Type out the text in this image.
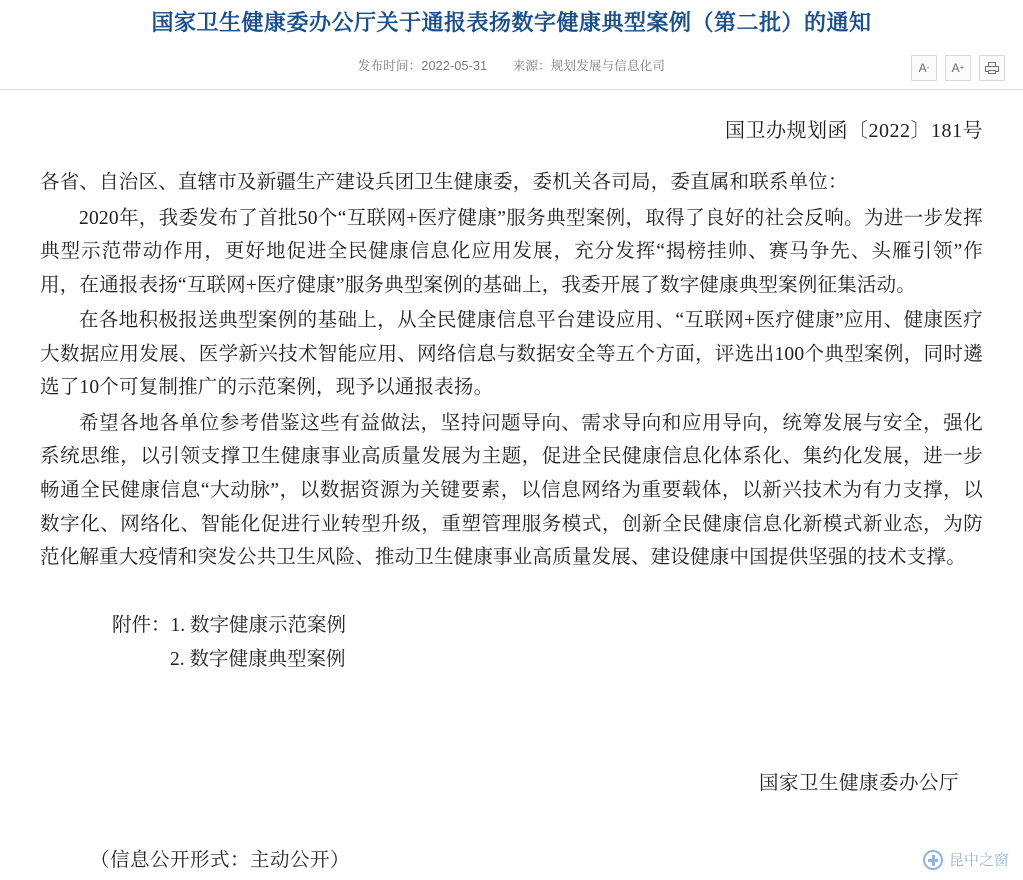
国家卫生健康委办公厅关于通报表扬数字健康典型案例（第二批）的通知
发布时间：2022-05-31 来源：规划发展与信息化司	A - A +
国卫办规划函〔2022〕181号

各省、自治区、直辖市及新疆生产建设兵团卫生健康委，委机关各司局，委直属和联系单位：

2020年，我委发布了首批50个“互联网+医疗健康”服务典型案例，取得了良好的社会反响。为进一步发挥典型示范带动作用，更好地促进全民健康信息化应用发展，充分发挥“揭榜挂帅、赛马争先、头雁引领”作用，在通报表扬“互联网+医疗健康”服务典型案例的基础上，我委开展了数字健康典型案例征集活动。

在各地积极报送典型案例的基础上，从全民健康信息平台建设应用、“互联网+医疗健康”应用、健康医疗大数据应用发展、医学新兴技术智能应用、网络信息与数据安全等五个方面，评选出100个典型案例，同时遴选了10个可复制推广的示范案例，现予以通报表扬。

希望各地各单位参考借鉴这些有益做法，坚持问题导向、需求导向和应用导向，统筹发展与安全，强化系统思维，以引领支撑卫生健康事业高质量发展为主题，促进全民健康信息化体系化、集约化发展，进一步畅通全民健康信息“大动脉”，以数据资源为关键要素，以信息网络为重要载体，以新兴技术为有力支撑，以数字化、网络化、智能化促进行业转型升级，重塑管理服务模式，创新全民健康信息化新模式新业态，为防范化解重大疫情和突发公共卫生风险、推动卫生健康事业高质量发展、建设健康中国提供坚强的技术支撑。

附件：1. 数字健康示范案例
2. 数字健康典型案例
国家卫生健康委办公厅
（信息公开形式：主动公开）	昆中之窗
